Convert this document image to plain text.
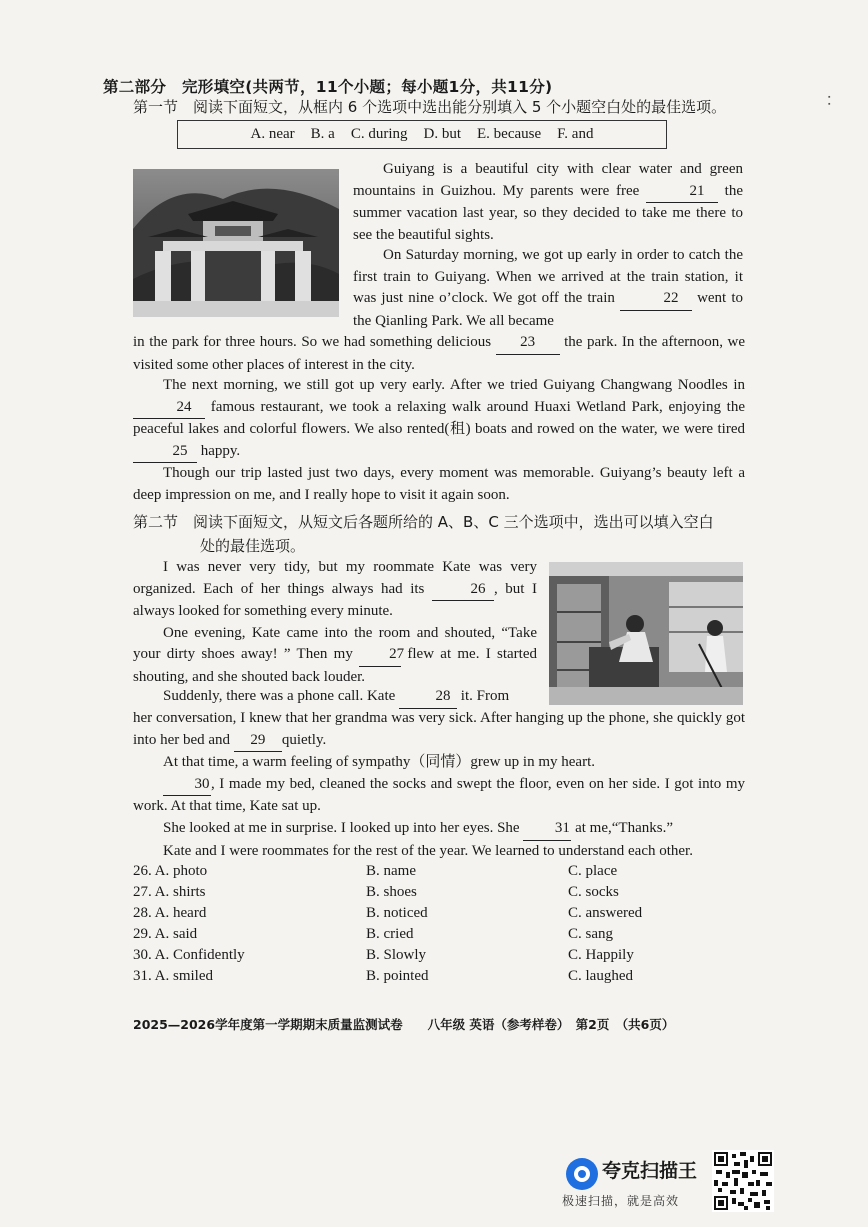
▪
▪
第二部分　完形填空(共两节，11个小题；每小题1分，共11分)
第一节　阅读下面短文，从框内 6 个选项中选出能分别填入 5 个小题空白处的最佳选项。
A. near B. a C. during D. but E. because F. and

Guiyang is a beautiful city with clear water and green mountains in Guizhou. My parents were free	21 the summer vacation last year, so they decided to take me there to see the beautiful sights.

On Saturday morning, we got up early in order to catch the first train to Guiyang. When we arrived at the train station, it was just nine o’clock. We got off the train	22 went to the Qianling Park. We all became

in the park for three hours. So we had something delicious 23 the park. In the afternoon, we visited some other places of interest in the city.

The next morning, we still got up very early. After we tried Guiyang Changwang Noodles in 24 famous restaurant, we took a relaxing walk around Huaxi Wetland Park, enjoying the peaceful lakes and colorful flowers. We also rented(租) boats and rowed on the water, we were tired 25 happy.

Though our trip lasted just two days, every moment was memorable. Guiyang’s beauty left a deep impression on me, and I really hope to visit it again soon.

第二节　阅读下面短文，从短文后各题所给的 A、B、C 三个选项中，选出可以填入空白
处的最佳选项。

I was never very tidy, but my roommate Kate was very organized. Each of her things always had its	26 , but I always looked for something every minute.

One evening, Kate came into the room and shouted, “Take your dirty shoes away! ” Then my 27 flew at me. I started shouting, and she shouted back louder.

Suddenly, there was a phone call. Kate 28 it. From

her conversation, I knew that her grandma was very sick. After hanging up the phone, she quickly got into her bed and 29 quietly.

At that time, a warm feeling of sympathy（同情）grew up in my heart.

30 , I made my bed, cleaned the socks and swept the floor, even on her side. I got into my work. At that time, Kate sat up.

She looked at me in surprise. I looked up into her eyes. She 31 at me,“Thanks.”

Kate and I were roommates for the rest of the year. We learned to understand each other.

26. A. photo	B. name	C. place
27. A. shirts	B. shoes	C. socks
28. A. heard	B. noticed	C. answered
29. A. said	B. cried	C. sang
30. A. Confidently	B. Slowly	C. Happily
31. A. smiled	B. pointed	C. laughed
2025—2026学年度第一学期期末质量监测试卷　　八年级 英语（参考样卷）　第2页　（共6页）
夸克扫描王
极速扫描，就是高效
